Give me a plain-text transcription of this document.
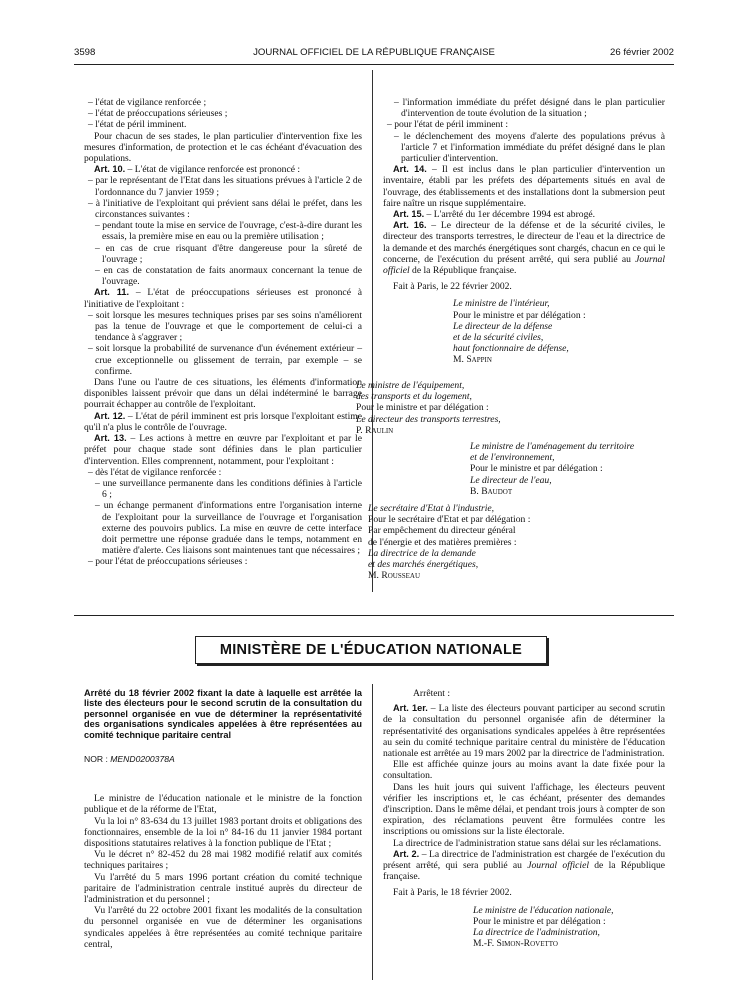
3598	JOURNAL OFFICIEL DE LA RÉPUBLIQUE FRANÇAISE	26 février 2002

– l'état de vigilance renforcée ;

– l'état de préoccupations sérieuses ;

– l'état de péril imminent.

Pour chacun de ses stades, le plan particulier d'intervention fixe les mesures d'information, de protection et le cas échéant d'évacuation des populations.

Art. 10. – L'état de vigilance renforcée est prononcé :

– par le représentant de l'Etat dans les situations prévues à l'article 2 de l'ordonnance du 7 janvier 1959 ;

– à l'initiative de l'exploitant qui prévient sans délai le préfet, dans les circonstances suivantes :

– pendant toute la mise en service de l'ouvrage, c'est-à-dire durant les essais, la première mise en eau ou la première utilisation ;

– en cas de crue risquant d'être dangereuse pour la sûreté de l'ouvrage ;

– en cas de constatation de faits anormaux concernant la tenue de l'ouvrage.

Art. 11. – L'état de préoccupations sérieuses est prononcé à l'initiative de l'exploitant :

– soit lorsque les mesures techniques prises par ses soins n'améliorent pas la tenue de l'ouvrage et que le comportement de celui-ci a tendance à s'aggraver ;

– soit lorsque la probabilité de survenance d'un événement extérieur – crue exceptionnelle ou glissement de terrain, par exemple – se confirme.

Dans l'une ou l'autre de ces situations, les éléments d'information disponibles laissent prévoir que dans un délai indéterminé le barrage pourrait échapper au contrôle de l'exploitant.

Art. 12. – L'état de péril imminent est pris lorsque l'exploitant estime qu'il n'a plus le contrôle de l'ouvrage.

Art. 13. – Les actions à mettre en œuvre par l'exploitant et par le préfet pour chaque stade sont définies dans le plan particulier d'intervention. Elles comprennent, notamment, pour l'exploitant :

– dès l'état de vigilance renforcée :

– une surveillance permanente dans les conditions définies à l'article 6 ;

– un échange permanent d'informations entre l'organisation interne de l'exploitant pour la surveillance de l'ouvrage et l'organisation externe des pouvoirs publics. La mise en œuvre de cette interface doit permettre une réponse graduée dans le temps, notamment en matière d'alerte. Ces liaisons sont maintenues tant que nécessaires ;

– pour l'état de préoccupations sérieuses :

– l'information immédiate du préfet désigné dans le plan particulier d'intervention de toute évolution de la situation ;

– pour l'état de péril imminent :

– le déclenchement des moyens d'alerte des populations prévus à l'article 7 et l'information immédiate du préfet désigné dans le plan particulier d'intervention.

Art. 14. – Il est inclus dans le plan particulier d'intervention un inventaire, établi par les préfets des départements situés en aval de l'ouvrage, des établissements et des installations dont la submersion peut faire naître un risque supplémentaire.

Art. 15. – L'arrêté du 1er décembre 1994 est abrogé.

Art. 16. – Le directeur de la défense et de la sécurité civiles, le directeur des transports terrestres, le directeur de l'eau et la directrice de la demande et des marchés énergétiques sont chargés, chacun en ce qui le concerne, de l'exécution du présent arrêté, qui sera publié au Journal officiel de la République française.

Fait à Paris, le 22 février 2002.

Le ministre de l'intérieur,

Pour le ministre et par délégation :

Le directeur de la défense

et de la sécurité civiles,

haut fonctionnaire de défense,

M. Sappin

Le ministre de l'équipement,

des transports et du logement,

Pour le ministre et par délégation :

Le directeur des transports terrestres,

P. Raulin

Le ministre de l'aménagement du territoire

et de l'environnement,

Pour le ministre et par délégation :

Le directeur de l'eau,

B. Baudot

Le secrétaire d'Etat à l'industrie,

Pour le secrétaire d'Etat et par délégation :

Par empêchement du directeur général

de l'énergie et des matières premières :

La directrice de la demande

et des marchés énergétiques,

M. Rousseau

MINISTÈRE DE L'ÉDUCATION NATIONALE

Arrêté du 18 février 2002 fixant la date à laquelle est arrêtée la liste des électeurs pour le second scrutin de la consultation du personnel organisée en vue de déterminer la représentativité des organisations syndicales appelées à être représentées au comité technique paritaire central

NOR : MEND0200378A

Le ministre de l'éducation nationale et le ministre de la fonction publique et de la réforme de l'Etat,

Vu la loi n° 83-634 du 13 juillet 1983 portant droits et obligations des fonctionnaires, ensemble de la loi n° 84-16 du 11 janvier 1984 portant dispositions statutaires relatives à la fonction publique de l'Etat ;

Vu le décret n° 82-452 du 28 mai 1982 modifié relatif aux comités techniques paritaires ;

Vu l'arrêté du 5 mars 1996 portant création du comité technique paritaire de l'administration centrale institué auprès du directeur de l'administration et du personnel ;

Vu l'arrêté du 22 octobre 2001 fixant les modalités de la consultation du personnel organisée en vue de déterminer les organisations syndicales appelées à être représentées au comité technique paritaire central,

Arrêtent :

Art. 1er. – La liste des électeurs pouvant participer au second scrutin de la consultation du personnel organisée afin de déterminer la représentativité des organisations syndicales appelées à être représentées au sein du comité technique paritaire central du ministère de l'éducation nationale est arrêtée au 19 mars 2002 par la directrice de l'administration.

Elle est affichée quinze jours au moins avant la date fixée pour la consultation.

Dans les huit jours qui suivent l'affichage, les électeurs peuvent vérifier les inscriptions et, le cas échéant, présenter des demandes d'inscription. Dans le même délai, et pendant trois jours à compter de son expiration, des réclamations peuvent être formulées contre les inscriptions ou omissions sur la liste électorale.

La directrice de l'administration statue sans délai sur les réclamations.

Art. 2. – La directrice de l'administration est chargée de l'exécution du présent arrêté, qui sera publié au Journal officiel de la République française.

Fait à Paris, le 18 février 2002.

Le ministre de l'éducation nationale,

Pour le ministre et par délégation :

La directrice de l'administration,

M.-F. Simon-Rovetto
